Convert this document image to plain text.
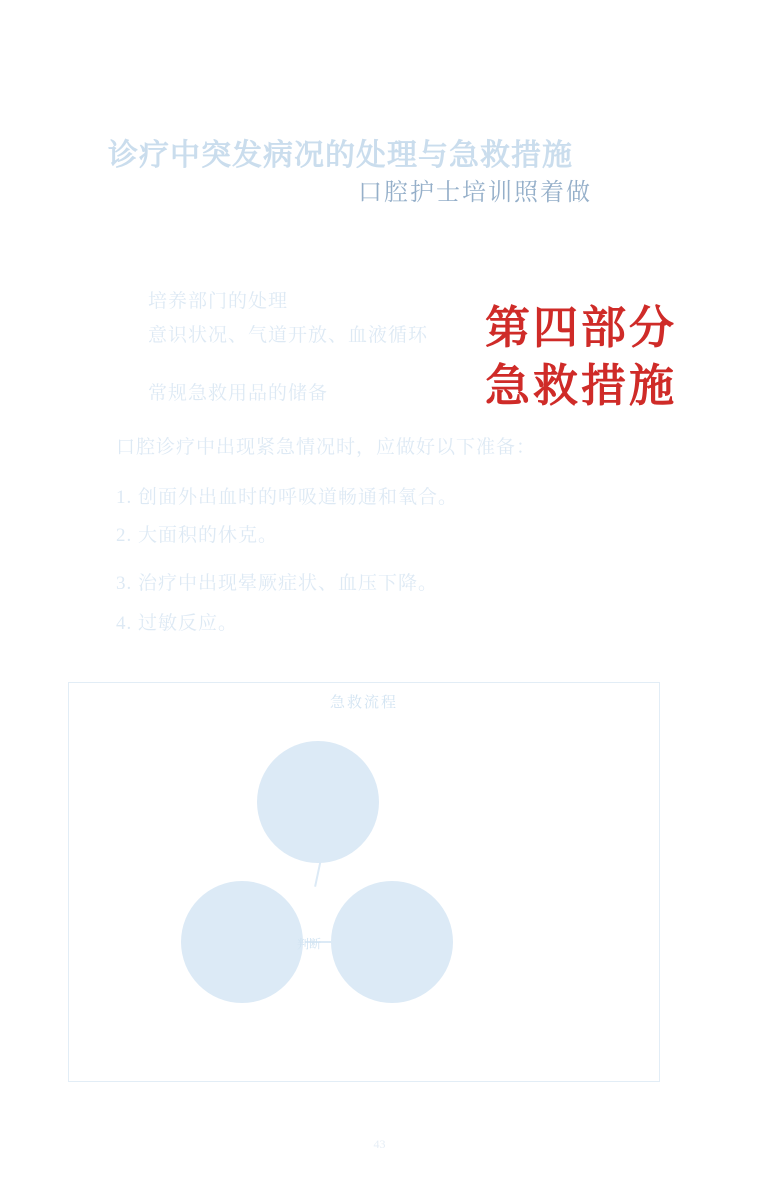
诊疗中突发病况的处理与急救措施
口腔护士培训照着做
培养部门的处理
意识状况、气道开放、血液循环
常规急救用品的储备
口腔诊疗中出现紧急情况时，应做好以下准备：
1. 创面外出血时的呼吸道畅通和氧合。
2. 大面积的休克。
3. 治疗中出现晕厥症状、血压下降。
4. 过敏反应。
急救流程
判断
第四部分
急救措施
43
